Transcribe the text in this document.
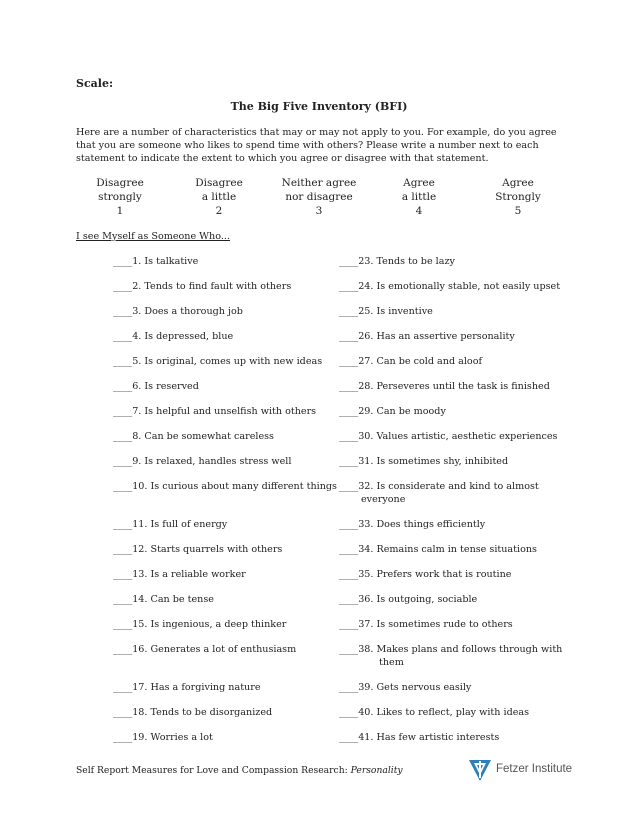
Scale:
The Big Five Inventory (BFI)
Here are a number of characteristics that may or may not apply to you. For example, do you agree that you are someone who likes to spend time with others? Please write a number next to each statement to indicate the extent to which you agree or disagree with that statement.
Disagree
strongly
1
Disagree
a little
2
Neither agree
nor disagree
3
Agree
a little
4
Agree
Strongly
5
I see Myself as Someone Who...
____1. Is talkative
____2. Tends to find fault with others
____3. Does a thorough job
____4. Is depressed, blue
____5. Is original, comes up with new ideas
____6. Is reserved
____7. Is helpful and unselfish with others
____8. Can be somewhat careless
____9. Is relaxed, handles stress well
____10. Is curious about many different things
____11. Is full of energy
____12. Starts quarrels with others
____13. Is a reliable worker
____14. Can be tense
____15. Is ingenious, a deep thinker
____16. Generates a lot of enthusiasm
____17. Has a forgiving nature
____18. Tends to be disorganized
____19. Worries a lot
____23. Tends to be lazy
____24. Is emotionally stable, not easily upset
____25. Is inventive
____26. Has an assertive personality
____27. Can be cold and aloof
____28. Perseveres until the task is finished
____29. Can be moody
____30. Values artistic, aesthetic experiences
____31. Is sometimes shy, inhibited
____32. Is considerate and kind to almost everyone
____33. Does things efficiently
____34. Remains calm in tense situations
____35. Prefers work that is routine
____36. Is outgoing, sociable
____37. Is sometimes rude to others
____38. Makes plans and follows through with them
____39. Gets nervous easily
____40. Likes to reflect, play with ideas
____41. Has few artistic interests
Self Report Measures for Love and Compassion Research: Personality	Fetzer Institute
